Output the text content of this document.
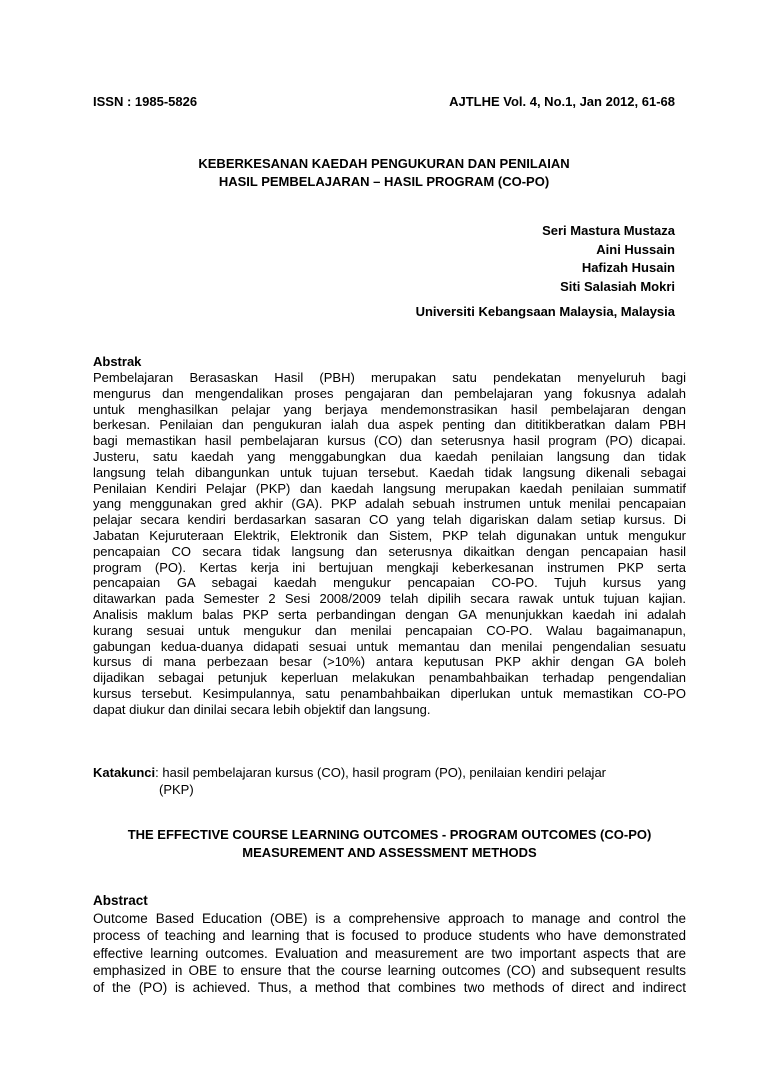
ISSN : 1985-5826	AJTLHE Vol. 4, No.1, Jan 2012, 61-68
KEBERKESANAN KAEDAH PENGUKURAN DAN PENILAIAN
HASIL PEMBELAJARAN – HASIL PROGRAM (CO-PO)
Seri Mastura Mustaza
Aini Hussain
Hafizah Husain
Siti Salasiah Mokri
Universiti Kebangsaan Malaysia, Malaysia
Abstrak
Pembelajaran Berasaskan Hasil (PBH) merupakan satu pendekatan menyeluruh bagi
mengurus dan mengendalikan proses pengajaran dan pembelajaran yang fokusnya adalah
untuk menghasilkan pelajar yang berjaya mendemonstrasikan hasil pembelajaran dengan
berkesan. Penilaian dan pengukuran ialah dua aspek penting dan dititikberatkan dalam PBH
bagi memastikan hasil pembelajaran kursus (CO) dan seterusnya hasil program (PO) dicapai.
Justeru, satu kaedah yang menggabungkan dua kaedah penilaian langsung dan tidak
langsung telah dibangunkan untuk tujuan tersebut. Kaedah tidak langsung dikenali sebagai
Penilaian Kendiri Pelajar (PKP) dan kaedah langsung merupakan kaedah penilaian summatif
yang menggunakan gred akhir (GA). PKP adalah sebuah instrumen untuk menilai pencapaian
pelajar secara kendiri berdasarkan sasaran CO yang telah digariskan dalam setiap kursus. Di
Jabatan Kejuruteraan Elektrik, Elektronik dan Sistem, PKP telah digunakan untuk mengukur
pencapaian CO secara tidak langsung dan seterusnya dikaitkan dengan pencapaian hasil
program (PO). Kertas kerja ini bertujuan mengkaji keberkesanan instrumen PKP serta
pencapaian GA sebagai kaedah mengukur pencapaian CO-PO. Tujuh kursus yang
ditawarkan pada Semester 2 Sesi 2008/2009 telah dipilih secara rawak untuk tujuan kajian.
Analisis maklum balas PKP serta perbandingan dengan GA menunjukkan kaedah ini adalah
kurang sesuai untuk mengukur dan menilai pencapaian CO-PO. Walau bagaimanapun,
gabungan kedua-duanya didapati sesuai untuk memantau dan menilai pengendalian sesuatu
kursus di mana perbezaan besar (>10%) antara keputusan PKP akhir dengan GA boleh
dijadikan sebagai petunjuk keperluan melakukan penambahbaikan terhadap pengendalian
kursus tersebut. Kesimpulannya, satu penambahbaikan diperlukan untuk memastikan CO-PO
dapat diukur dan dinilai secara lebih objektif dan langsung.
Katakunci: hasil pembelajaran kursus (CO), hasil program (PO), penilaian kendiri pelajar
(PKP)
THE EFFECTIVE COURSE LEARNING OUTCOMES - PROGRAM OUTCOMES (CO-PO)
MEASUREMENT AND ASSESSMENT METHODS
Abstract
Outcome Based Education (OBE) is a comprehensive approach to manage and control the
process of teaching and learning that is focused to produce students who have demonstrated
effective learning outcomes. Evaluation and measurement are two important aspects that are
emphasized in OBE to ensure that the course learning outcomes (CO) and subsequent results
of the (PO) is achieved. Thus, a method that combines two methods of direct and indirect
